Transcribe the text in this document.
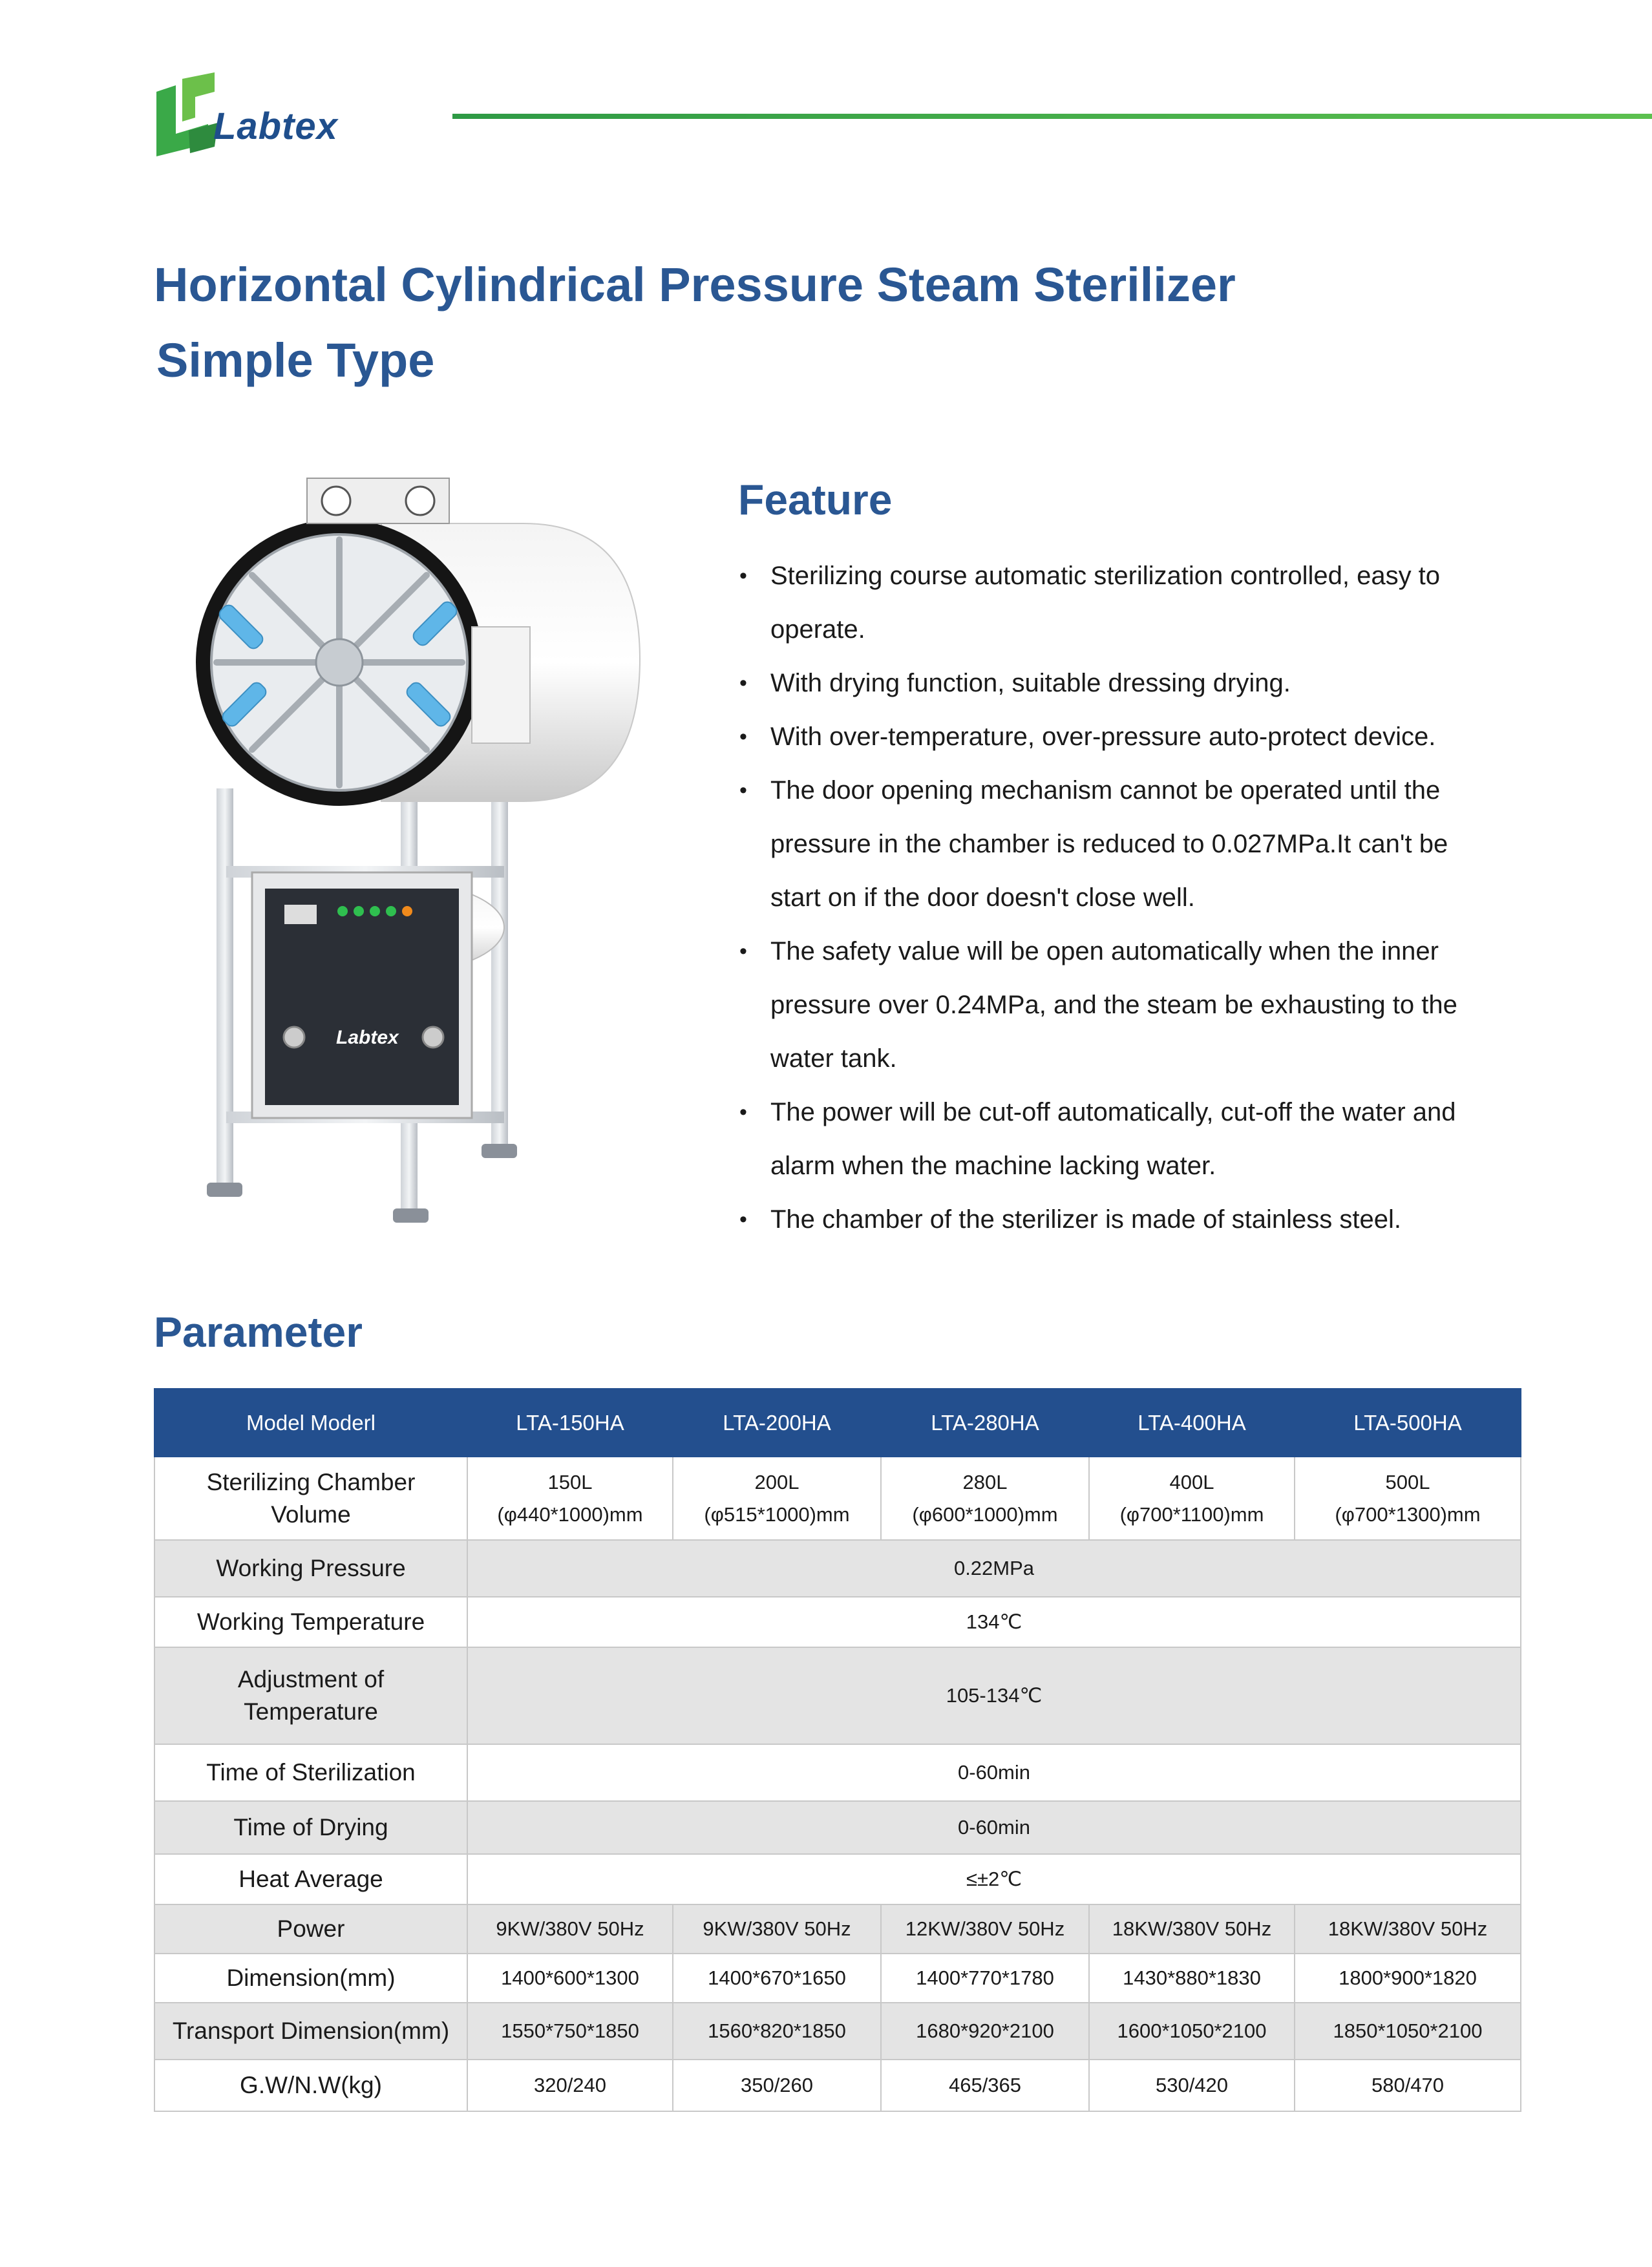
Labtex
Horizontal Cylindrical Pressure Steam Sterilizer
Simple Type
Labtex
Feature
• Sterilizing course automatic sterilization controlled, easy to
operate.
• With drying function, suitable dressing drying.
• With over-temperature, over-pressure auto-protect device.
• The door opening mechanism cannot be operated until the
pressure in the chamber is reduced to 0.027MPa.It can't be
start on if the door doesn't close well.
• The safety value will be open automatically when the inner
pressure over 0.24MPa, and the steam be exhausting to the
water tank.
• The power will be cut-off automatically, cut-off the water and
alarm when the machine lacking water.
• The chamber of the sterilizer is made of stainless steel.
Parameter
Model Moderl	LTA-150HA	LTA-200HA	LTA-280HA	LTA-400HA	LTA-500HA
Sterilizing Chamber
Volume	150L
(φ440*1000)mm	200L
(φ515*1000)mm	280L
(φ600*1000)mm	400L
(φ700*1100)mm	500L
(φ700*1300)mm
Working Pressure	0.22MPa				
Working Temperature	134℃				
Adjustment of
Temperature	105-134℃				
Time of Sterilization	0-60min				
Time of Drying	0-60min				
Heat Average	≤±2℃				
Power	9KW/380V 50Hz	9KW/380V 50Hz	12KW/380V 50Hz	18KW/380V 50Hz	18KW/380V 50Hz
Dimension(mm)	1400*600*1300	1400*670*1650	1400*770*1780	1430*880*1830	1800*900*1820
Transport Dimension(mm)	1550*750*1850	1560*820*1850	1680*920*2100	1600*1050*2100	1850*1050*2100
G.W/N.W(kg)	320/240	350/260	465/365	530/420	580/470
